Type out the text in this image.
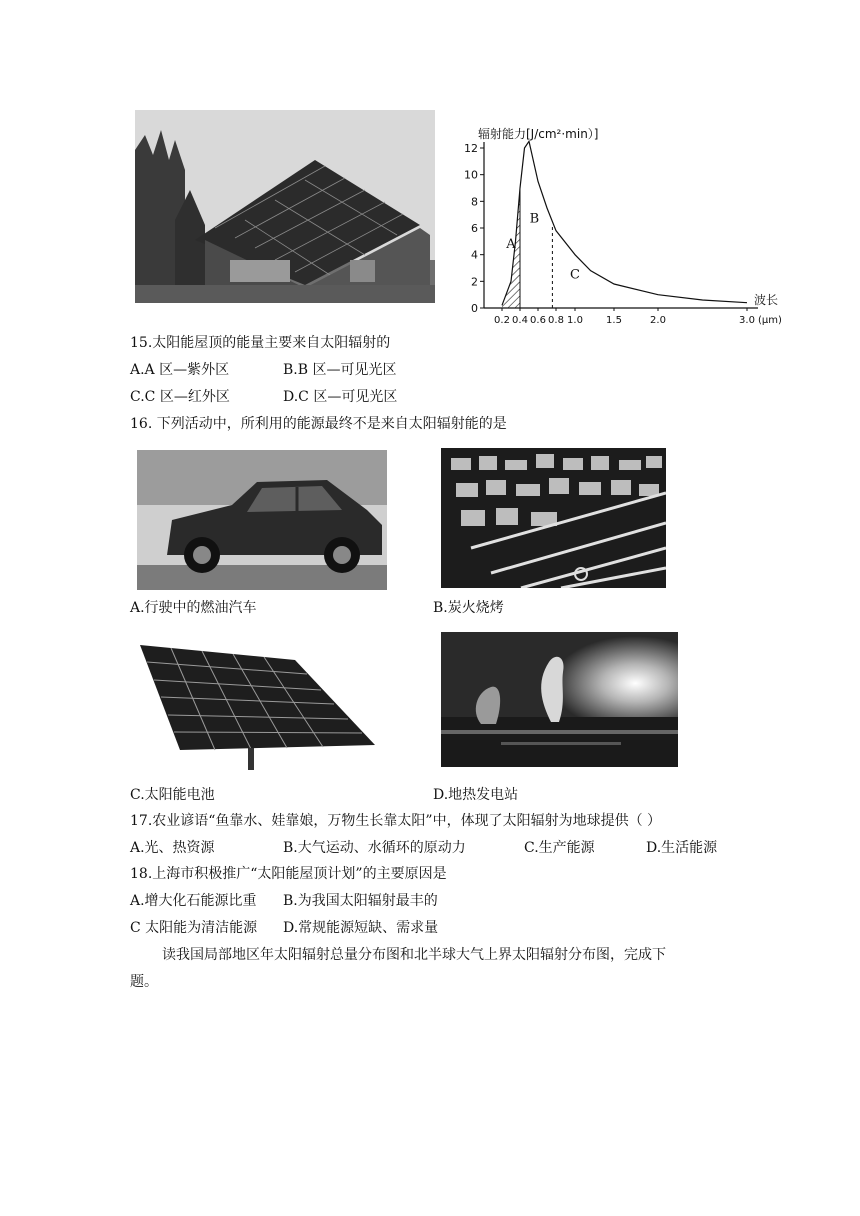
辐射能力[J/cm²·min）]
0
2
4
6
8
10
12
0.2 0.4 0.6 0.8 1.0 1.5	2.0	3.0 (μm)
波长
A
B
C
15.太阳能屋顶的能量主要来自太阳辐射的
A.A 区—紫外区	B.B 区—可见光区
C.C 区—红外区	D.C 区—可见光区
16. 下列活动中，所利用的能源最终不是来自太阳辐射能的是
A.行驶中的燃油汽车	B.炭火烧烤
C.太阳能电池	D.地热发电站
17.农业谚语“鱼靠水、娃靠娘，万物生长靠太阳”中，体现了太阳辐射为地球提供（ ）
A.光、热资源	B.大气运动、水循环的原动力	C.生产能源	D.生活能源
18.上海市积极推广“太阳能屋顶计划”的主要原因是
A.增大化石能源比重 B.为我国太阳辐射最丰的
C 太阳能为清洁能源 D.常规能源短缺、需求量
读我国局部地区年太阳辐射总量分布图和北半球大气上界太阳辐射分布图，完成下
题。
